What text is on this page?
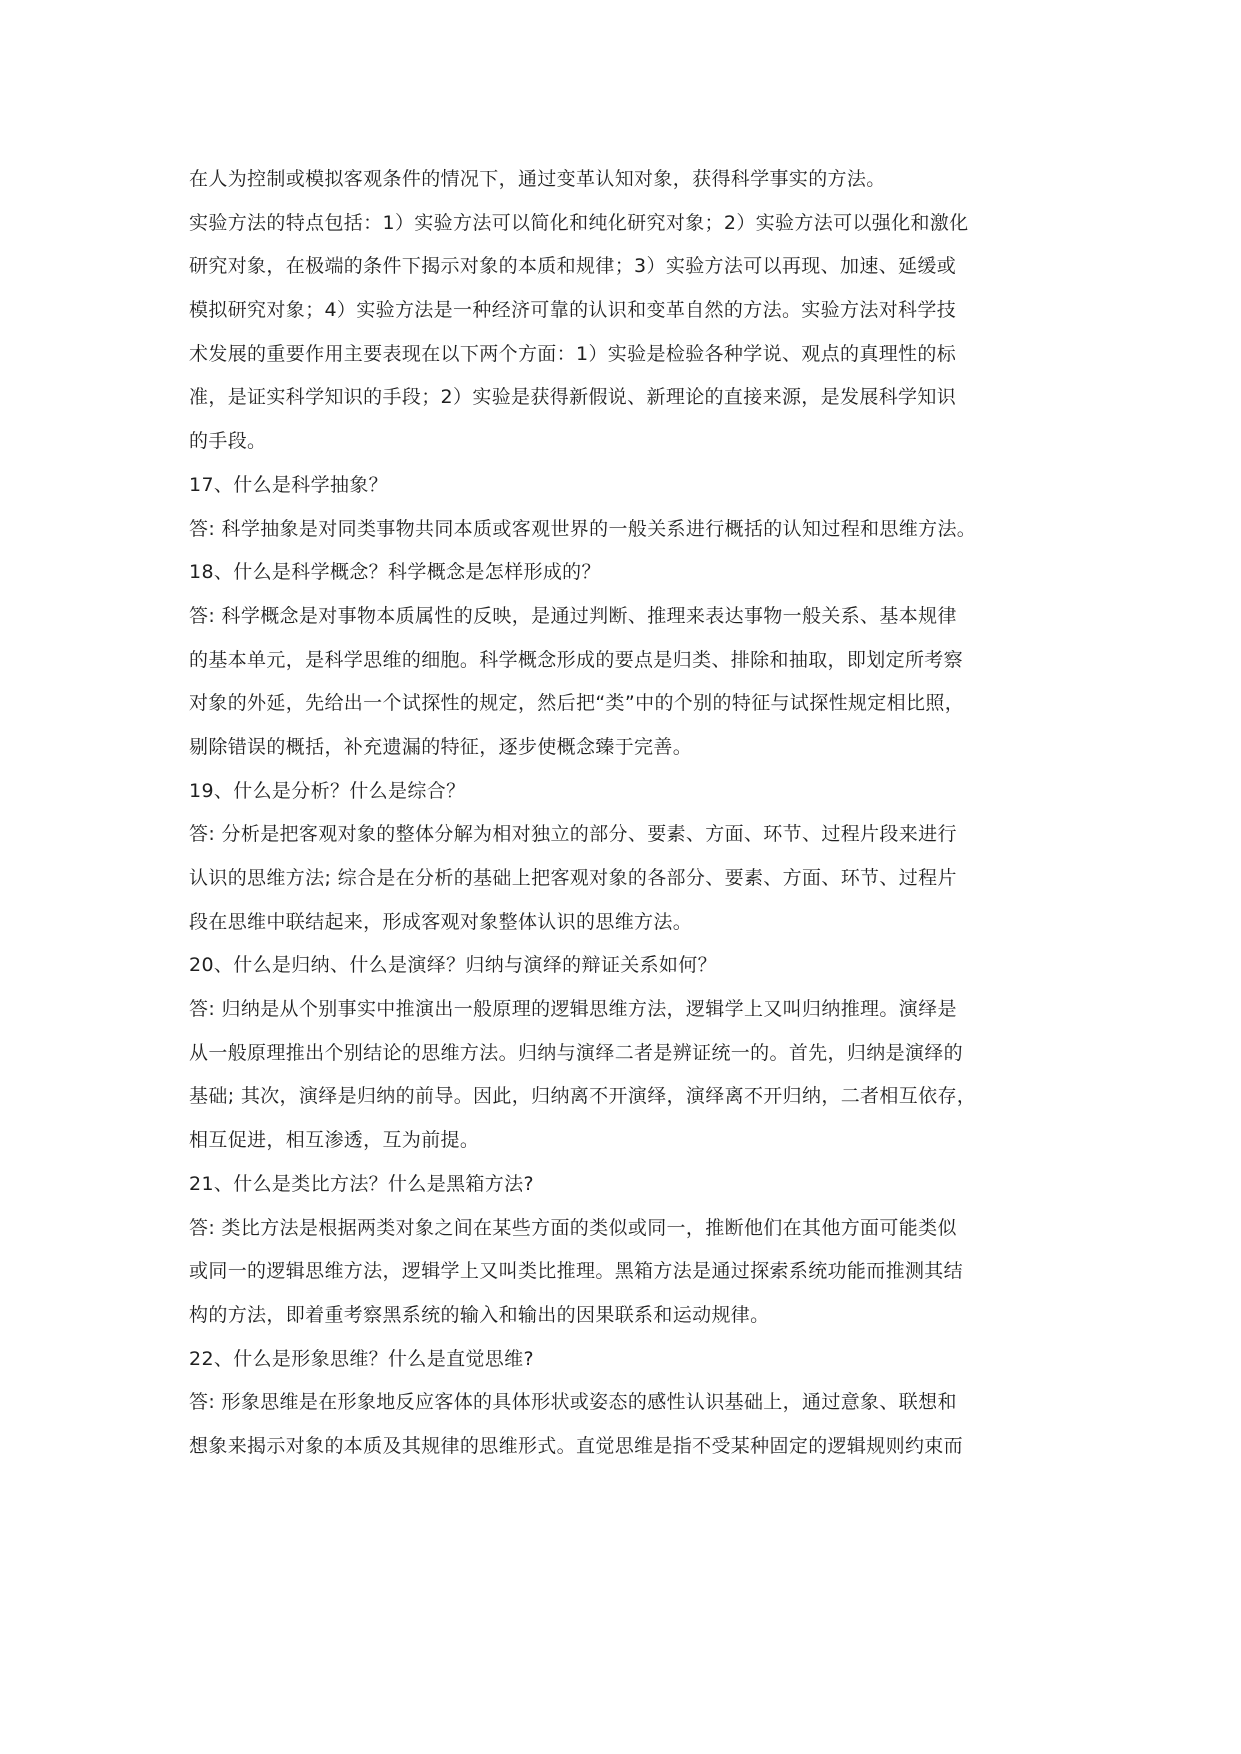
在人为控制或模拟客观条件的情况下，通过变革认知对象，获得科学事实的方法。
实验方法的特点包括：1）实验方法可以简化和纯化研究对象；2）实验方法可以强化和激化
研究对象，在极端的条件下揭示对象的本质和规律；3）实验方法可以再现、加速、延缓或
模拟研究对象；4）实验方法是一种经济可靠的认识和变革自然的方法。实验方法对科学技
术发展的重要作用主要表现在以下两个方面：1）实验是检验各种学说、观点的真理性的标
准，是证实科学知识的手段；2）实验是获得新假说、新理论的直接来源，是发展科学知识
的手段。
17、什么是科学抽象？
答: 科学抽象是对同类事物共同本质或客观世界的一般关系进行概括的认知过程和思维方法。
18、什么是科学概念？科学概念是怎样形成的？
答: 科学概念是对事物本质属性的反映，是通过判断、推理来表达事物一般关系、基本规律
的基本单元，是科学思维的细胞。科学概念形成的要点是归类、排除和抽取，即划定所考察
对象的外延，先给出一个试探性的规定，然后把“类”中的个别的特征与试探性规定相比照，
剔除错误的概括，补充遗漏的特征，逐步使概念臻于完善。
19、什么是分析？什么是综合？
答: 分析是把客观对象的整体分解为相对独立的部分、要素、方面、环节、过程片段来进行
认识的思维方法; 综合是在分析的基础上把客观对象的各部分、要素、方面、环节、过程片
段在思维中联结起来，形成客观对象整体认识的思维方法。
20、什么是归纳、什么是演绎？归纳与演绎的辩证关系如何？
答: 归纳是从个别事实中推演出一般原理的逻辑思维方法，逻辑学上又叫归纳推理。演绎是
从一般原理推出个别结论的思维方法。归纳与演绎二者是辨证统一的。首先，归纳是演绎的
基础; 其次，演绎是归纳的前导。因此，归纳离不开演绎，演绎离不开归纳，二者相互依存，
相互促进，相互渗透，互为前提。
21、什么是类比方法？什么是黑箱方法?
答: 类比方法是根据两类对象之间在某些方面的类似或同一，推断他们在其他方面可能类似
或同一的逻辑思维方法，逻辑学上又叫类比推理。黑箱方法是通过探索系统功能而推测其结
构的方法，即着重考察黑系统的输入和输出的因果联系和运动规律。
22、什么是形象思维？什么是直觉思维?
答: 形象思维是在形象地反应客体的具体形状或姿态的感性认识基础上，通过意象、联想和
想象来揭示对象的本质及其规律的思维形式。直觉思维是指不受某种固定的逻辑规则约束而
